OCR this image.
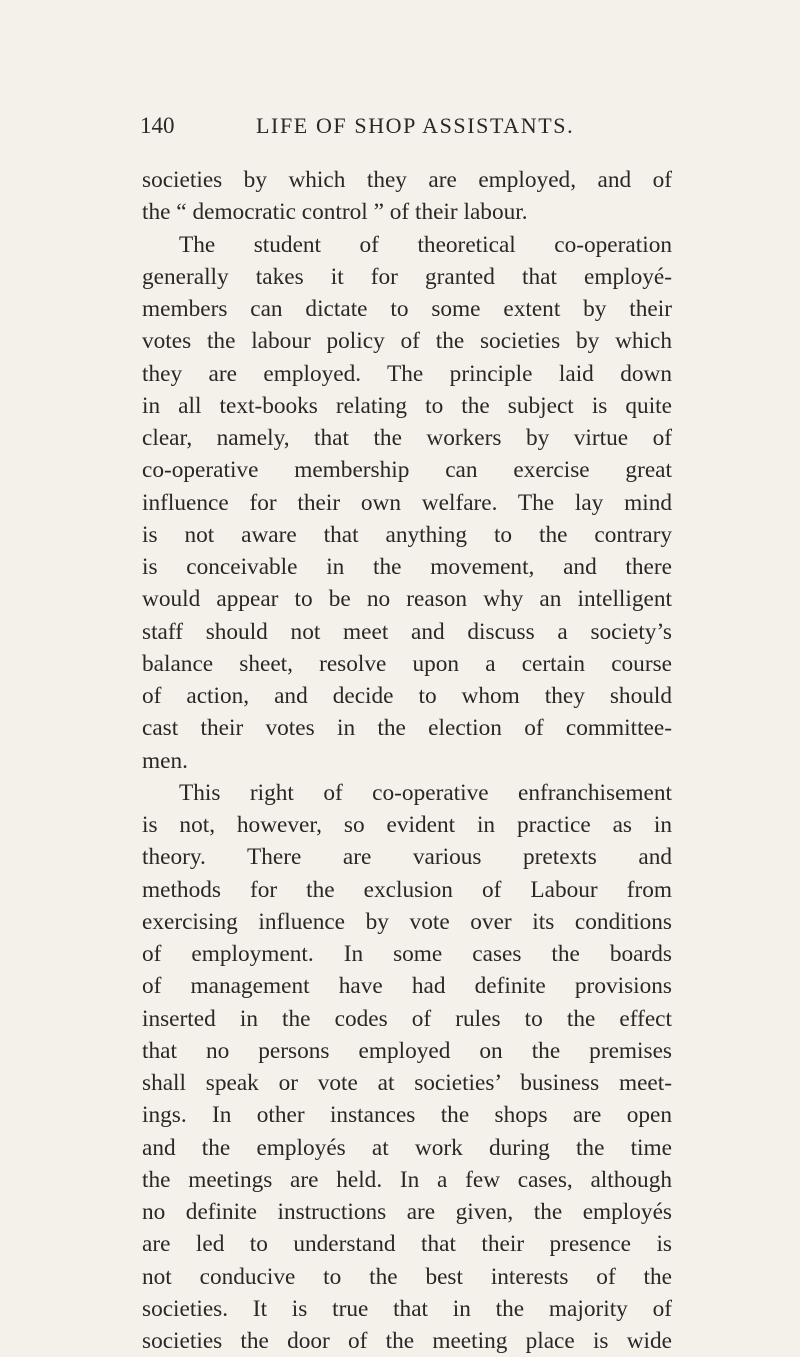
140	LIFE OF SHOP ASSISTANTS.
societies by which they are employed, and of
the “ democratic control ” of their labour.
The student of theoretical co-operation
generally takes it for granted that employé-
members can dictate to some extent by their
votes the labour policy of the societies by which
they are employed. The principle laid down
in all text-books relating to the subject is quite
clear, namely, that the workers by virtue of
co-operative membership can exercise great
influence for their own welfare. The lay mind
is not aware that anything to the contrary
is conceivable in the movement, and there
would appear to be no reason why an intelligent
staff should not meet and discuss a society’s
balance sheet, resolve upon a certain course
of action, and decide to whom they should
cast their votes in the election of committee-
men.
This right of co-operative enfranchisement
is not, however, so evident in practice as in
theory. There are various pretexts and
methods for the exclusion of Labour from
exercising influence by vote over its conditions
of employment. In some cases the boards
of management have had definite provisions
inserted in the codes of rules to the effect
that no persons employed on the premises
shall speak or vote at societies’ business meet-
ings. In other instances the shops are open
and the employés at work during the time
the meetings are held. In a few cases, although
no definite instructions are given, the employés
are led to understand that their presence is
not conducive to the best interests of the
societies. It is true that in the majority of
societies the door of the meeting place is wide
